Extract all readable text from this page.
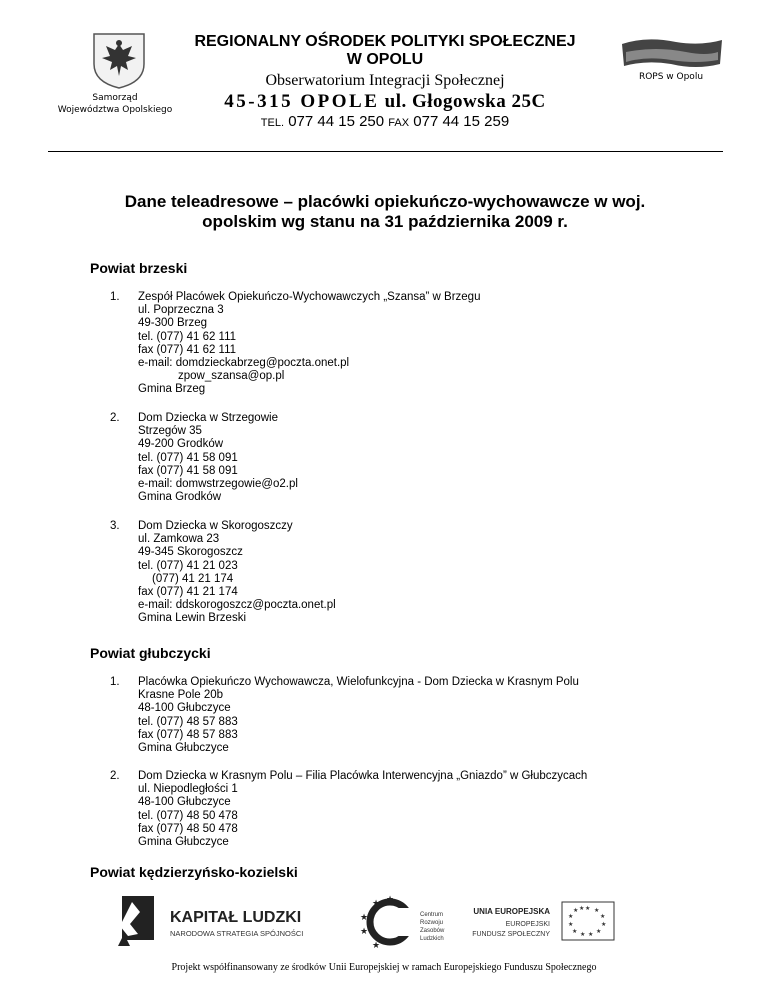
Samorząd
Województwa Opolskiego
REGIONALNY OŚRODEK POLITYKI SPOŁECZNEJ
W OPOLU
Obserwatorium Integracji Społecznej
45-315 OPOLE ul. Głogowska 25C
TEL. 077 44 15 250 FAX 077 44 15 259
ROPS w Opolu
Dane teleadresowe – placówki opiekuńczo-wychowawcze w woj.
opolskim wg stanu na 31 października 2009 r.
Powiat brzeski
1.	Zespół Placówek Opiekuńczo-Wychowawczych „Szansa” w Brzegu
ul. Poprzeczna 3
49-300 Brzeg
tel. (077) 41 62 111
fax (077) 41 62 111
e-mail: domdzieckabrzeg@poczta.onet.pl
zpow_szansa@op.pl
Gmina Brzeg
2.	Dom Dziecka w Strzegowie
Strzegów 35
49-200 Grodków
tel. (077) 41 58 091
fax (077) 41 58 091
e-mail: domwstrzegowie@o2.pl
Gmina Grodków
3.	Dom Dziecka w Skorogoszczy
ul. Zamkowa 23
49-345 Skorogoszcz
tel. (077) 41 21 023
(077) 41 21 174
fax (077) 41 21 174
e-mail: ddskorogoszcz@poczta.onet.pl
Gmina Lewin Brzeski
Powiat głubczycki
1.	Placówka Opiekuńczo Wychowawcza, Wielofunkcyjna - Dom Dziecka w Krasnym Polu
Krasne Pole 20b
48-100 Głubczyce
tel. (077) 48 57 883
fax (077) 48 57 883
Gmina Głubczyce
2.	Dom Dziecka w Krasnym Polu – Filia Placówka Interwencyjna „Gniazdo” w Głubczycach
ul. Niepodległości 1
48-100 Głubczyce
tel. (077) 48 50 478
fax (077) 48 50 478
Gmina Głubczyce
Powiat kędzierzyńsko-kozielski
KAPITAŁ LUDZKI
NARODOWA STRATEGIA SPÓJNOŚCI
★
★
★
★
★
Centrum
Rozwoju
Zasobów
Ludzkich
UNIA EUROPEJSKA
EUROPEJSKI
FUNDUSZ SPOŁECZNY
★ ★
★
★
★
★
★
★
★
★
★ ★
Projekt współfinansowany ze środków Unii Europejskiej w ramach Europejskiego Funduszu Społecznego
